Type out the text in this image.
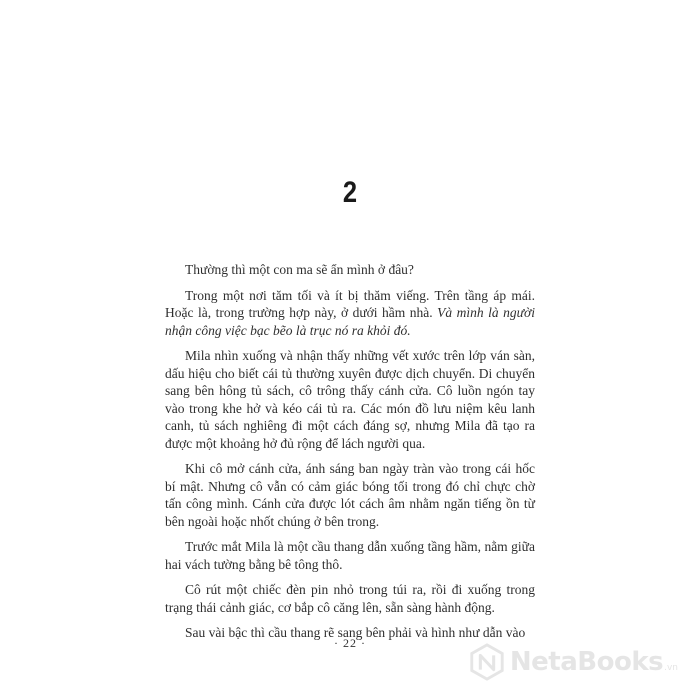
2

Thường thì một con ma sẽ ẩn mình ở đâu?

Trong một nơi tăm tối và ít bị thăm viếng. Trên tầng áp mái. Hoặc là, trong trường hợp này, ở dưới hầm nhà. Và mình là người nhận công việc bạc bẽo là trục nó ra khỏi đó.

Mila nhìn xuống và nhận thấy những vết xước trên lớp ván sàn, dấu hiệu cho biết cái tủ thường xuyên được dịch chuyển. Di chuyển sang bên hông tủ sách, cô trông thấy cánh cửa. Cô luồn ngón tay vào trong khe hở và kéo cái tủ ra. Các món đồ lưu niệm kêu lanh canh, tủ sách nghiêng đi một cách đáng sợ, nhưng Mila đã tạo ra được một khoảng hở đủ rộng để lách người qua.

Khi cô mở cánh cửa, ánh sáng ban ngày tràn vào trong cái hốc bí mật. Nhưng cô vẫn có cảm giác bóng tối trong đó chỉ chực chờ tấn công mình. Cánh cửa được lót cách âm nhằm ngăn tiếng ồn từ bên ngoài hoặc nhốt chúng ở bên trong.

Trước mắt Mila là một cầu thang dẫn xuống tầng hầm, nằm giữa hai vách tường bằng bê tông thô.

Cô rút một chiếc đèn pin nhỏ trong túi ra, rồi đi xuống trong trạng thái cảnh giác, cơ bắp cô căng lên, sẵn sàng hành động.

Sau vài bậc thì cầu thang rẽ sang bên phải và hình như dẫn vào

· 22 ·
NetaBooks .vn
